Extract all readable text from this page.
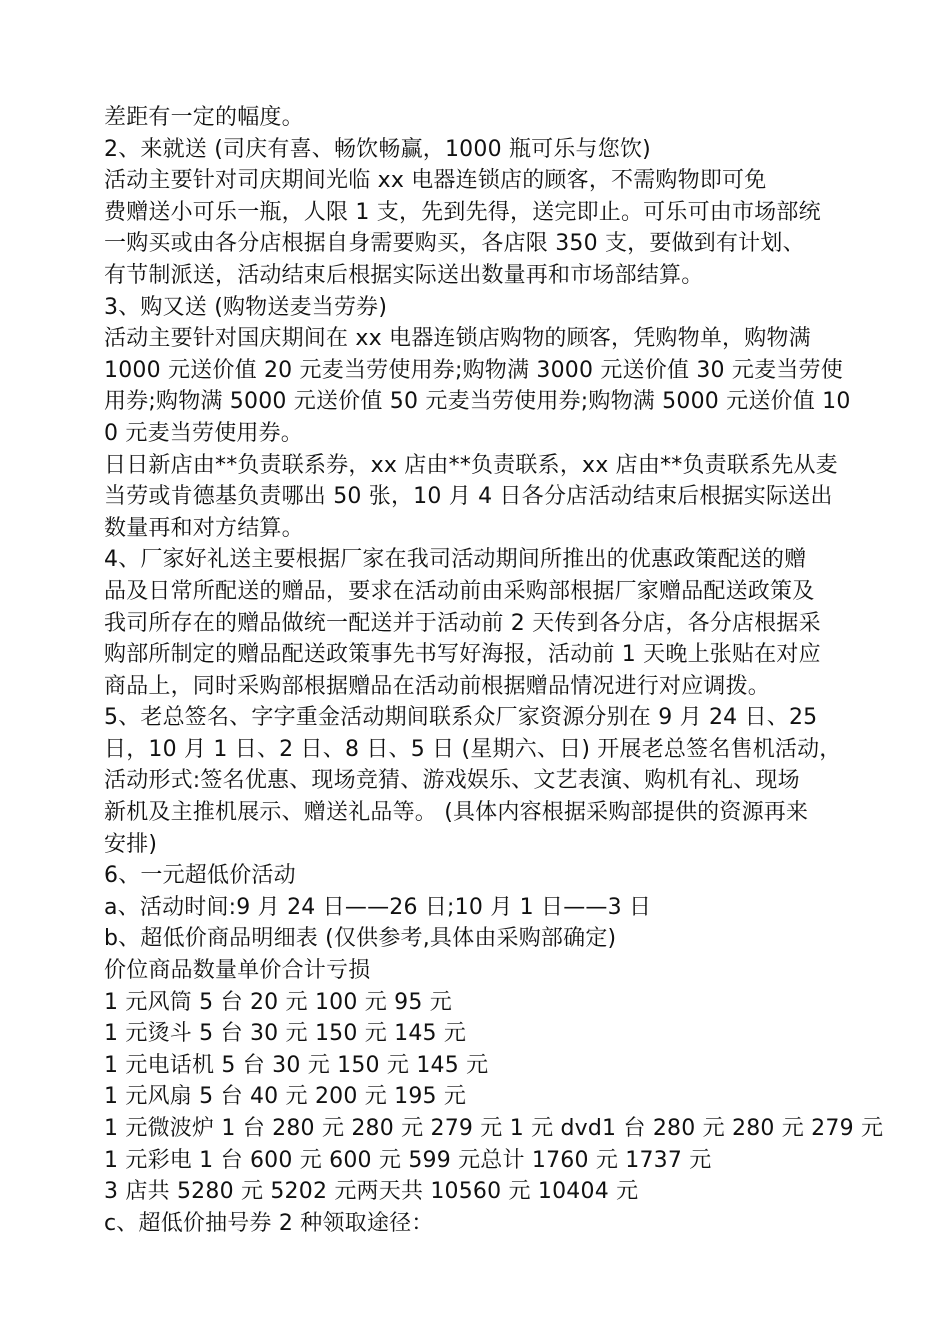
差距有一定的幅度。
2、来就送 (司庆有喜、畅饮畅赢，1000 瓶可乐与您饮)
活动主要针对司庆期间光临 xx 电器连锁店的顾客，不需购物即可免
费赠送小可乐一瓶，人限 1 支，先到先得，送完即止。可乐可由市场部统
一购买或由各分店根据自身需要购买，各店限 350 支，要做到有计划、
有节制派送，活动结束后根据实际送出数量再和市场部结算。
3、购又送 (购物送麦当劳券)
活动主要针对国庆期间在 xx 电器连锁店购物的顾客，凭购物单，购物满
1000 元送价值 20 元麦当劳使用券;购物满 3000 元送价值 30 元麦当劳使
用券;购物满 5000 元送价值 50 元麦当劳使用券;购物满 5000 元送价值 10
0 元麦当劳使用券。
日日新店由**负责联系券，xx 店由**负责联系，xx 店由**负责联系先从麦
当劳或肯德基负责哪出 50 张，10 月 4 日各分店活动结束后根据实际送出
数量再和对方结算。
4、厂家好礼送主要根据厂家在我司活动期间所推出的优惠政策配送的赠
品及日常所配送的赠品，要求在活动前由采购部根据厂家赠品配送政策及
我司所存在的赠品做统一配送并于活动前 2 天传到各分店，各分店根据采
购部所制定的赠品配送政策事先书写好海报，活动前 1 天晚上张贴在对应
商品上，同时采购部根据赠品在活动前根据赠品情况进行对应调拨。
5、老总签名、字字重金活动期间联系众厂家资源分别在 9 月 24 日、25
日，10 月 1 日、2 日、8 日、5 日 (星期六、日) 开展老总签名售机活动，
活动形式:签名优惠、现场竞猜、游戏娱乐、文艺表演、购机有礼、现场
新机及主推机展示、赠送礼品等。 (具体内容根据采购部提供的资源再来
安排)
6、一元超低价活动
a、活动时间:9 月 24 日——26 日;10 月 1 日——3 日
b、超低价商品明细表 (仅供参考,具体由采购部确定)
价位商品数量单价合计亏损
1 元风筒 5 台 20 元 100 元 95 元
1 元烫斗 5 台 30 元 150 元 145 元
1 元电话机 5 台 30 元 150 元 145 元
1 元风扇 5 台 40 元 200 元 195 元
1 元微波炉 1 台 280 元 280 元 279 元 1 元 dvd1 台 280 元 280 元 279 元
1 元彩电 1 台 600 元 600 元 599 元总计 1760 元 1737 元
3 店共 5280 元 5202 元两天共 10560 元 10404 元
c、超低价抽号券 2 种领取途径：
